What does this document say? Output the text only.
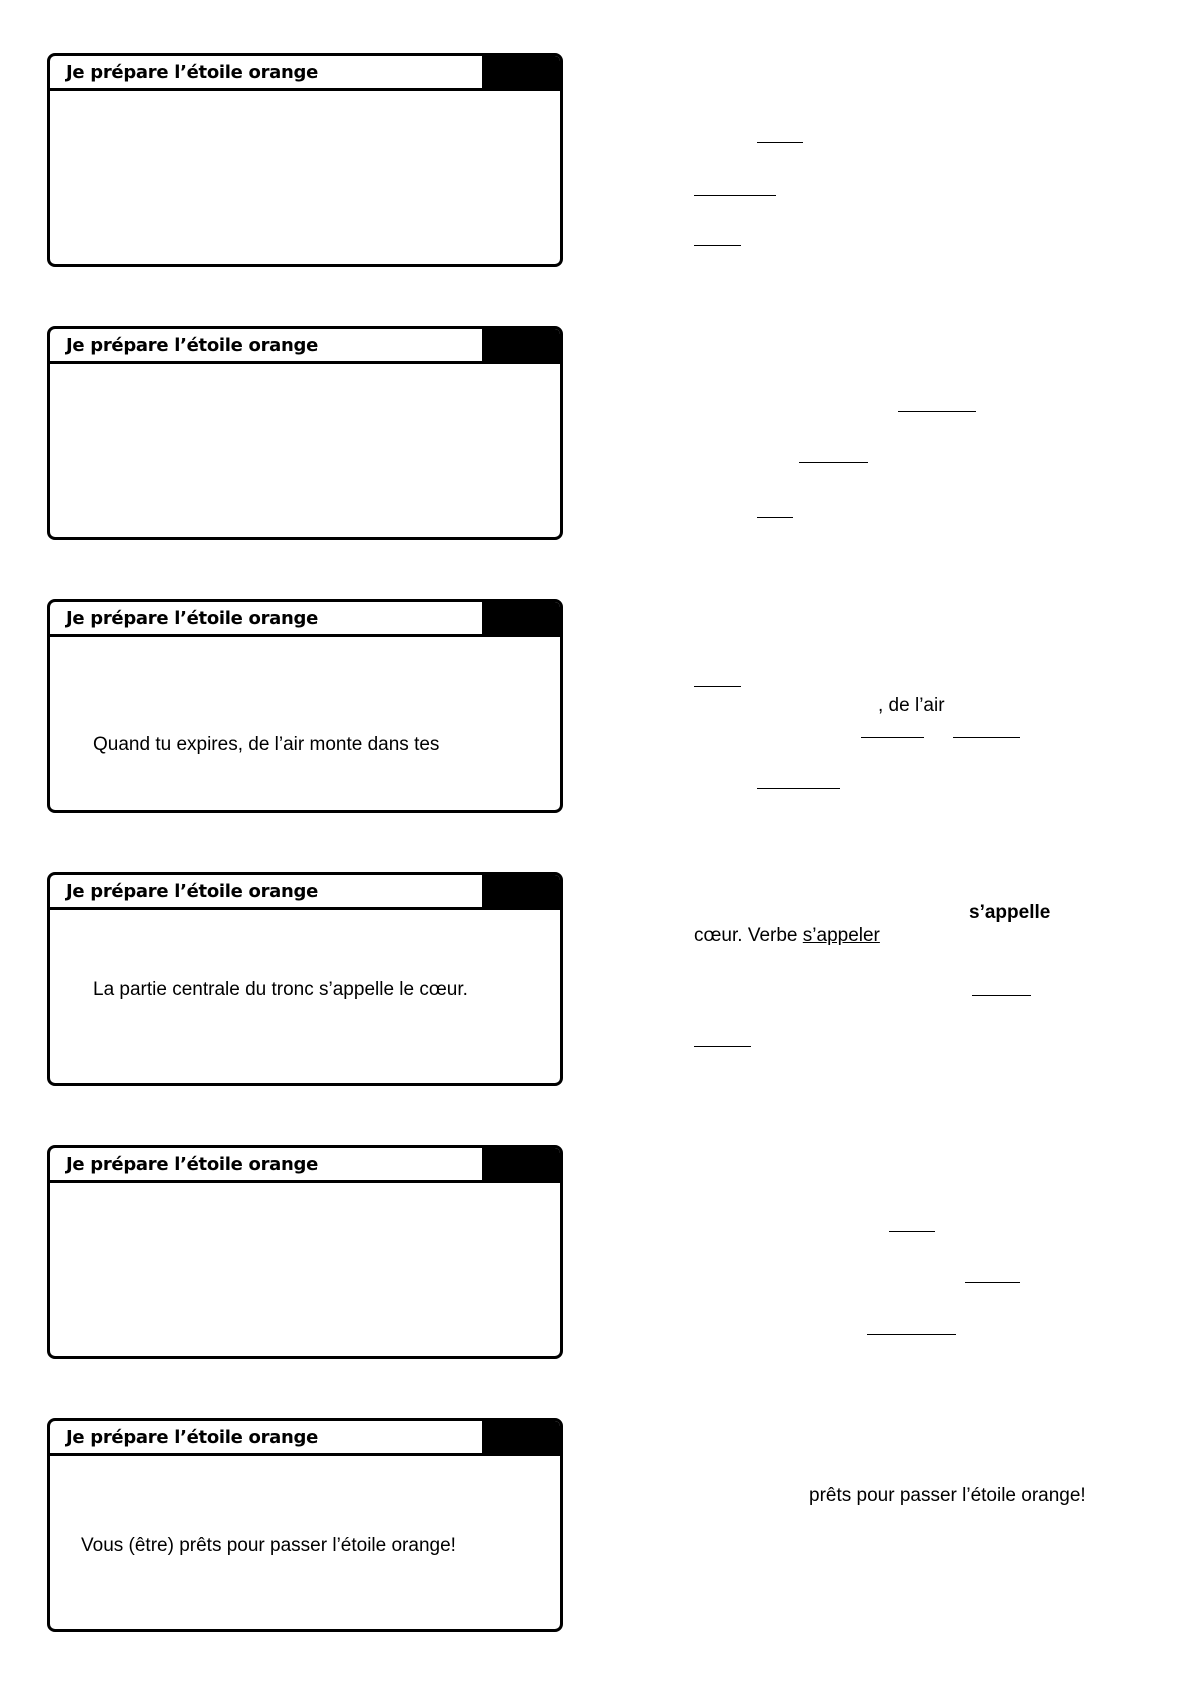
Je prépare l’étoile orange
Je prépare l’étoile orange
Je prépare l’étoile orange
Quand tu expires, de l’air monte dans tes
Je prépare l’étoile orange
La partie centrale du tronc s’appelle le cœur.
Je prépare l’étoile orange
Je prépare l’étoile orange
Vous (être) prêts pour passer l’étoile orange!
, de l’air
s’appelle
cœur. Verbe s’appeler
prêts pour passer l’étoile orange!
